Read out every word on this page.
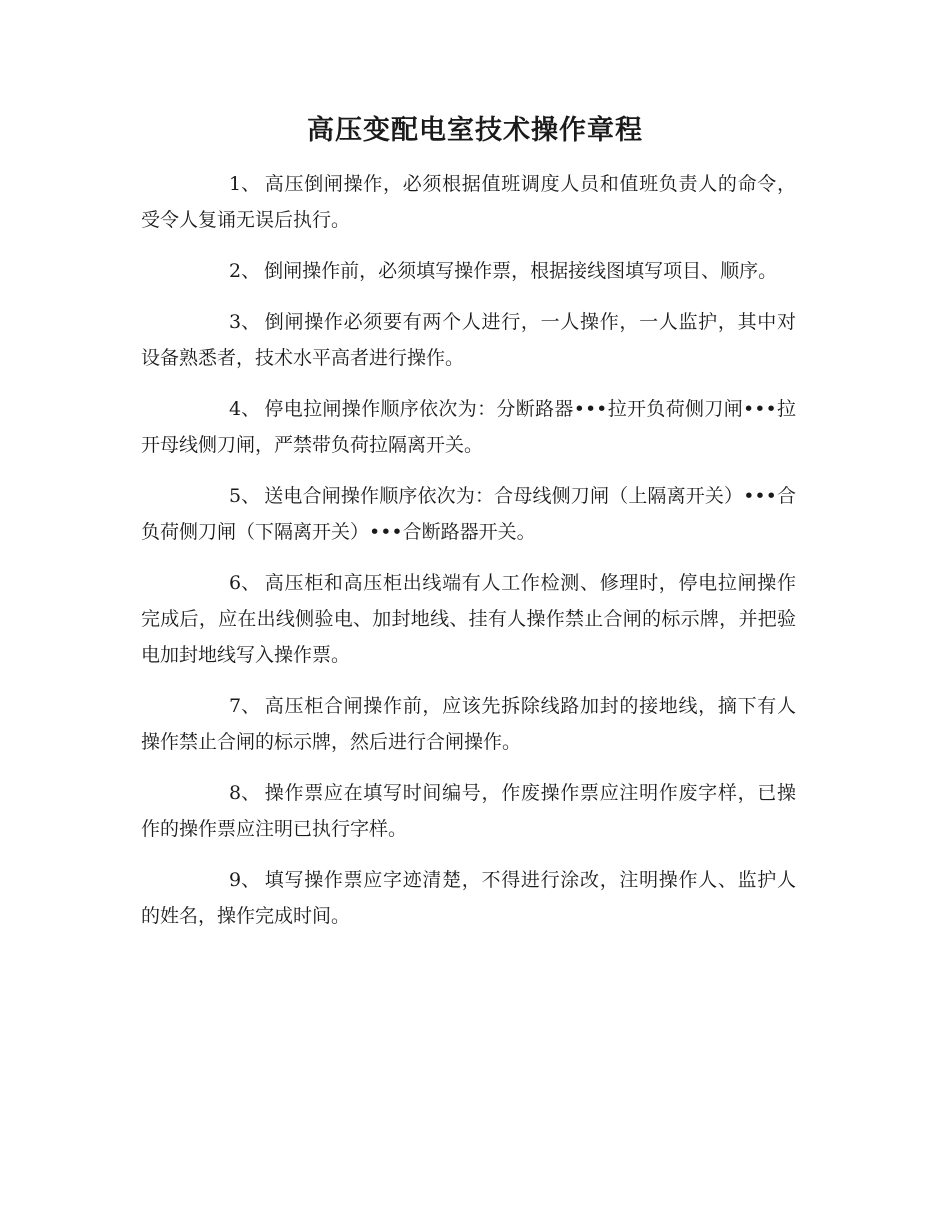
高压变配电室技术操作章程

1、 高压倒闸操作，必须根据值班调度人员和值班负责人的命令，受令人复诵无误后执行。

2、 倒闸操作前，必须填写操作票，根据接线图填写项目、顺序。

3、 倒闸操作必须要有两个人进行，一人操作，一人监护，其中对设备熟悉者，技术水平高者进行操作。

4、 停电拉闸操作顺序依次为：分断路器•••拉开负荷侧刀闸•••拉开母线侧刀闸，严禁带负荷拉隔离开关。

5、 送电合闸操作顺序依次为：合母线侧刀闸（上隔离开关）•••合负荷侧刀闸（下隔离开关）•••合断路器开关。

6、 高压柜和高压柜出线端有人工作检测、修理时，停电拉闸操作完成后，应在出线侧验电、加封地线、挂有人操作禁止合闸的标示牌，并把验电加封地线写入操作票。

7、 高压柜合闸操作前，应该先拆除线路加封的接地线，摘下有人操作禁止合闸的标示牌，然后进行合闸操作。

8、 操作票应在填写时间编号，作废操作票应注明作废字样，已操作的操作票应注明已执行字样。

9、 填写操作票应字迹清楚，不得进行涂改，注明操作人、监护人的姓名，操作完成时间。
